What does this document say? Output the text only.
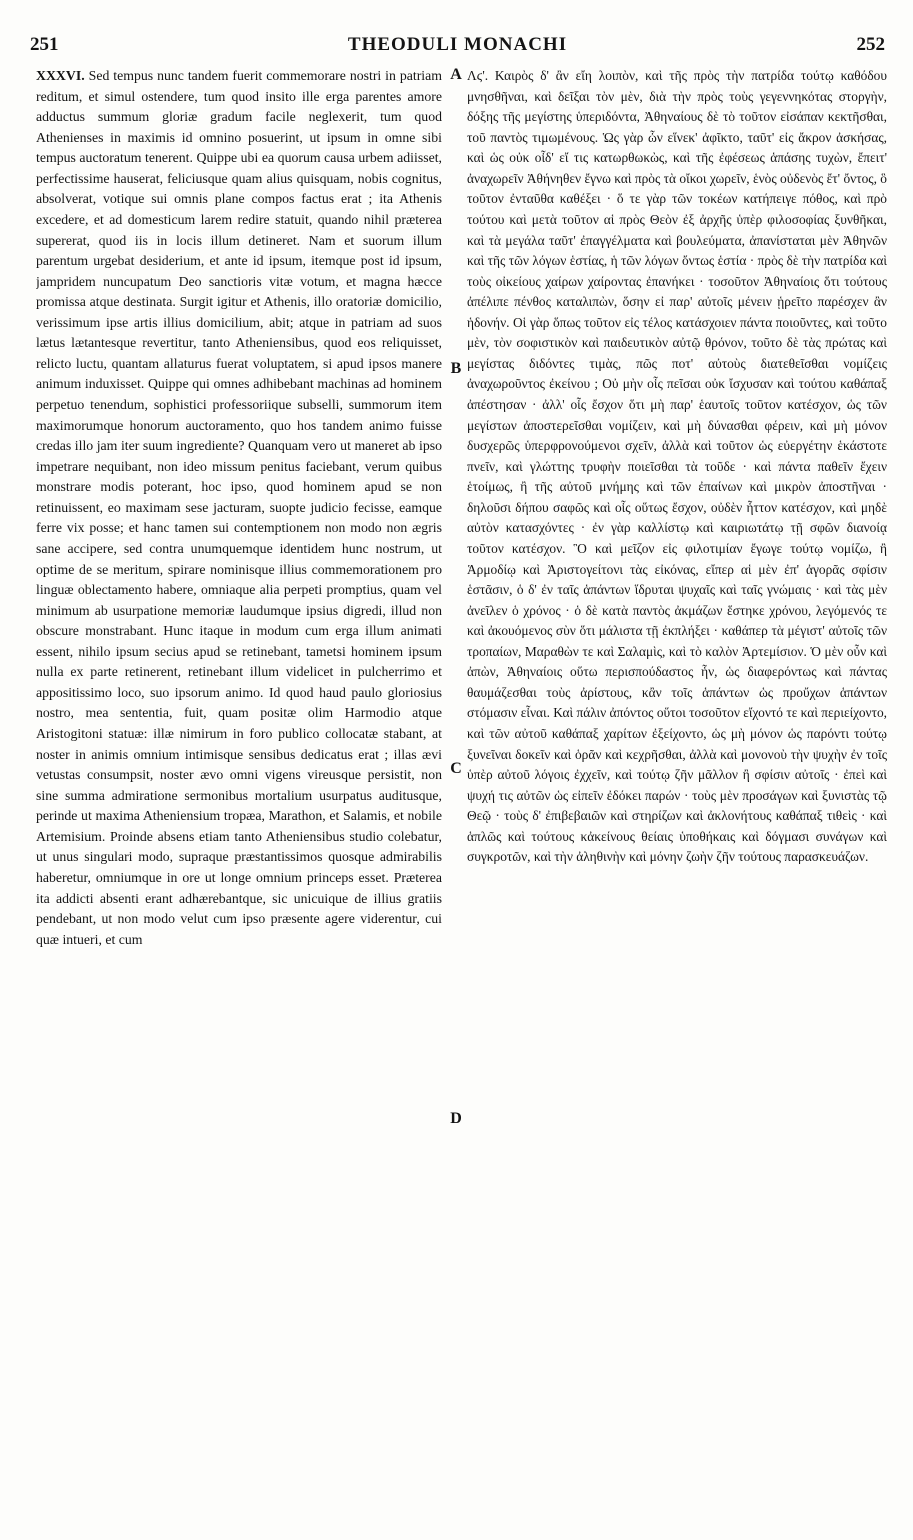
251	THEODULI MONACHI	252

XXXVI. Sed tempus nunc tandem fuerit commemorare nostri in patriam reditum, et simul ostendere, tum quod insito ille erga parentes amore adductus summum gloriæ gradum facile neglexerit, tum quod Athenienses in maximis id omnino posuerint, ut ipsum in omne sibi tempus auctoratum tenerent. Quippe ubi ea quorum causa urbem adiisset, perfectissime hauserat, feliciusque quam alius quisquam, nobis cognitus, absolverat, votique sui omnis plane compos factus erat ; ita Athenis excedere, et ad domesticum larem redire statuit, quando nihil præterea supererat, quod iis in locis illum detineret. Nam et suorum illum parentum urgebat desiderium, et ante id ipsum, itemque post id ipsum, jampridem nuncupatum Deo sanctioris vitæ votum, et magna hæcce promissa atque destinata. Surgit igitur et Athenis, illo oratoriæ domicilio, verissimum ipse artis illius domicilium, abit; atque in patriam ad suos lætus lætantesque revertitur, tanto Atheniensibus, quod eos reliquisset, relicto luctu, quantam allaturus fuerat voluptatem, si apud ipsos manere animum induxisset. Quippe qui omnes adhibebant machinas ad hominem perpetuo tenendum, sophistici professoriique subselli, summorum item maximorumque honorum auctoramento, quo hos tandem animo fuisse credas illo jam iter suum ingrediente? Quanquam vero ut maneret ab ipso impetrare nequibant, non ideo missum penitus faciebant, verum quibus monstrare modis poterant, hoc ipso, quod hominem apud se non retinuissent, eo maximam sese jacturam, suopte judicio fecisse, eamque ferre vix posse; et hanc tamen sui contemptionem non modo non ægris sane accipere, sed contra unumquemque identidem hunc nostrum, ut optime de se meritum, spirare nominisque illius commemorationem pro linguæ oblectamento habere, omniaque alia perpeti promptius, quam vel minimum ab usurpatione memoriæ laudumque ipsius digredi, illud non obscure monstrabant. Hunc itaque in modum cum erga illum animati essent, nihilo ipsum secius apud se retinebant, tametsi hominem ipsum nulla ex parte retinerent, retinebant illum videlicet in pulcherrimo et appositissimo loco, suo ipsorum animo. Id quod haud paulo gloriosius nostro, mea sententia, fuit, quam positæ olim Harmodio atque Aristogitoni statuæ: illæ nimirum in foro publico collocatæ stabant, at noster in animis omnium intimisque sensibus dedicatus erat ; illas ævi vetustas consumpsit, noster ævo omni vigens vireusque persistit, non sine summa admiratione sermonibus mortalium usurpatus auditusque, perinde ut maxima Atheniensium tropæa, Marathon, et Salamis, et nobile Artemisium. Proinde absens etiam tanto Atheniensibus studio colebatur, ut unus singulari modo, supraque præstantissimos quosque admirabilis haberetur, omniumque in ore ut longe omnium princeps esset. Præterea ita addicti absenti erant adhærebantque, sic unicuique de illius gratiis pendebant, ut non modo velut cum ipso præsente agere viderentur, cui quæ intueri, et cum

Λϛ'. Καιρὸς δ' ἂν εἴη λοιπὸν, καὶ τῆς πρὸς τὴν πατρίδα τούτῳ καθόδου μνησθῆναι, καὶ δεῖξαι τὸν μὲν, διὰ τὴν πρὸς τοὺς γεγεννηκότας στοργὴν, δόξης τῆς μεγίστης ὑπεριδόντα, Ἀθηναίους δὲ τὸ τοῦτον εἰσάπαν κεκτῆσθαι, τοῦ παντὸς τιμωμένους. Ὡς γὰρ ὧν εἵνεκ' ἀφῖκτο, ταῦτ' εἰς ἄκρον ἀσκήσας, καὶ ὡς οὐκ οἶδ' εἴ τις κατωρθωκὼς, καὶ τῆς ἐφέσεως ἁπάσης τυχὼν, ἔπειτ' ἀναχωρεῖν Ἀθήνηθεν ἔγνω καὶ πρὸς τὰ οἴκοι χωρεῖν, ἑνὸς οὐδενὸς ἔτ' ὄντος, ὃ τοῦτον ἐνταῦθα καθέξει · ὅ τε γὰρ τῶν τοκέων κατήπειγε πόθος, καὶ πρὸ τούτου καὶ μετὰ τοῦτον αἱ πρὸς Θεὸν ἐξ ἀρχῆς ὑπὲρ φιλοσοφίας ξυνθῆκαι, καὶ τὰ μεγάλα ταῦτ' ἐπαγγέλματα καὶ βουλεύματα, ἀπανίσταται μὲν Ἀθηνῶν καὶ τῆς τῶν λόγων ἑστίας, ἡ τῶν λόγων ὄντως ἑστία · πρὸς δὲ τὴν πατρίδα καὶ τοὺς οἰκείους χαίρων χαίροντας ἐπανήκει · τοσοῦτον Ἀθηναίοις ὅτι τούτους ἀπέλιπε πένθος καταλιπὼν, ὅσην εἰ παρ' αὐτοῖς μένειν ᾑρεῖτο παρέσχεν ἂν ἡδονήν. Οἱ γὰρ ὅπως τοῦτον εἰς τέλος κατάσχοιεν πάντα ποιοῦντες, καὶ τοῦτο μὲν, τὸν σοφιστικὸν καὶ παιδευτικὸν αὐτῷ θρόνον, τοῦτο δὲ τὰς πρώτας καὶ μεγίστας διδόντες τιμὰς, πῶς ποτ' αὐτοὺς διατεθεῖσθαι νομίζεις ἀναχωροῦντος ἐκείνου ; Οὐ μὴν οἷς πεῖσαι οὐκ ἴσχυσαν καὶ τούτου καθάπαξ ἀπέστησαν · ἀλλ' οἷς ἔσχον ὅτι μὴ παρ' ἑαυτοῖς τοῦτον κατέσχον, ὡς τῶν μεγίστων ἀποστερεῖσθαι νομίζειν, καὶ μὴ δύνασθαι φέρειν, καὶ μὴ μόνον δυσχερῶς ὑπερφρονούμενοι σχεῖν, ἀλλὰ καὶ τοῦτον ὡς εὐεργέτην ἑκάστοτε πνεῖν, καὶ γλώττης τρυφὴν ποιεῖσθαι τὰ τοῦδε · καὶ πάντα παθεῖν ἔχειν ἑτοίμως, ἢ τῆς αὐτοῦ μνήμης καὶ τῶν ἐπαίνων καὶ μικρὸν ἀποστῆναι · δηλοῦσι δήπου σαφῶς καὶ οἷς οὕτως ἔσχον, οὐδὲν ἧττον κατέσχον, καὶ μηδὲ αὐτὸν κατασχόντες · ἐν γὰρ καλλίστῳ καὶ καιριωτάτῳ τῇ σφῶν διανοίᾳ τοῦτον κατέσχον. Ὃ καὶ μεῖζον εἰς φιλοτιμίαν ἔγωγε τούτῳ νομίζω, ἢ Ἁρμοδίῳ καὶ Ἀριστογείτονι τὰς εἰκόνας, εἴπερ αἱ μὲν ἐπ' ἀγορᾶς σφίσιν ἑστᾶσιν, ὁ δ' ἐν ταῖς ἁπάντων ἵδρυται ψυχαῖς καὶ ταῖς γνώμαις · καὶ τὰς μὲν ἀνεῖλεν ὁ χρόνος · ὁ δὲ κατὰ παντὸς ἀκμάζων ἕστηκε χρόνου, λεγόμενός τε καὶ ἀκουόμενος σὺν ὅτι μάλιστα τῇ ἐκπλήξει · καθάπερ τὰ μέγιστ' αὐτοῖς τῶν τροπαίων, Μαραθὼν τε καὶ Σαλαμὶς, καὶ τὸ καλὸν Ἀρτεμίσιον. Ὁ μὲν οὖν καὶ ἀπὼν, Ἀθηναίοις οὕτω περισπούδαστος ἦν, ὡς διαφερόντως καὶ πάντας θαυμάζεσθαι τοὺς ἀρίστους, κἂν τοῖς ἁπάντων ὡς προὔχων ἁπάντων στόμασιν εἶναι. Καὶ πάλιν ἀπόντος οὕτοι τοσοῦτον εἴχοντό τε καὶ περιείχοντο, καὶ τῶν αὐτοῦ καθάπαξ χαρίτων ἐξείχοντο, ὡς μὴ μόνον ὡς παρόντι τούτῳ ξυνεῖναι δοκεῖν καὶ ὁρᾶν καὶ κεχρῆσθαι, ἀλλὰ καὶ μονονοὺ τὴν ψυχὴν ἐν τοῖς ὑπὲρ αὐτοῦ λόγοις ἐχχεῖν, καὶ τούτῳ ζῆν μᾶλλον ἢ σφίσιν αὐτοῖς · ἐπεὶ καὶ ψυχή τις αὐτῶν ὡς εἰπεῖν ἐδόκει παρών · τοὺς μὲν προσάγων καὶ ξυνιστὰς τῷ Θεῷ · τοὺς δ' ἐπιβεβαιῶν καὶ στηρίζων καὶ ἀκλονήτους καθάπαξ τιθεὶς · καὶ ἁπλῶς καὶ τούτους κἀκείνους θείαις ὑποθήκαις καὶ δόγμασι συνάγων καὶ συγκροτῶν, καὶ τὴν ἀληθινὴν καὶ μόνην ζωὴν ζῆν τούτους παρασκευάζων.

A
B
C
D
